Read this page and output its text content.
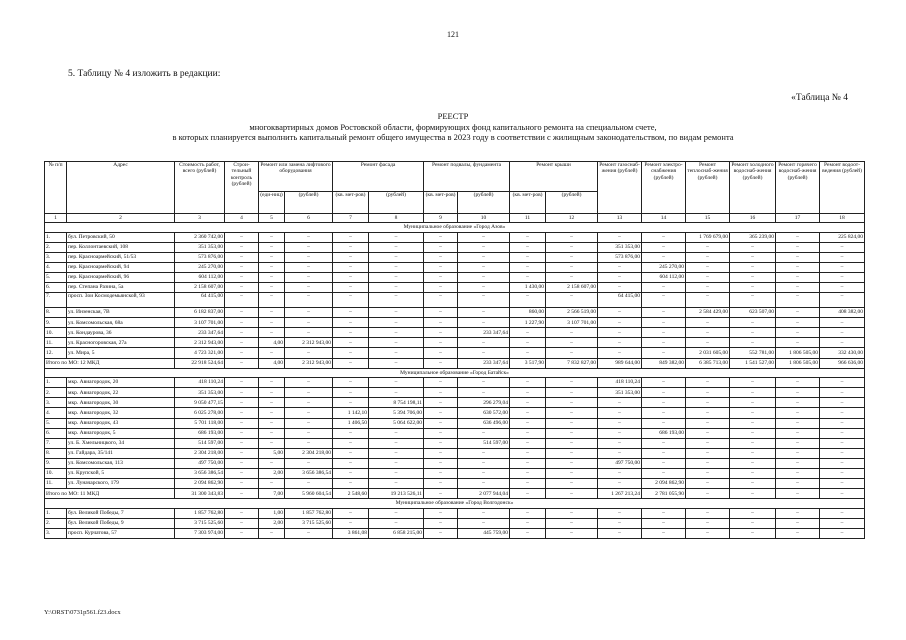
121
5. Таблицу № 4 изложить в редакции:
«Таблица № 4
РЕЕСТР
многоквартирных домов Ростовской области, формирующих фонд капитального ремонта на специальном счете,
в которых планируется выполнить капитальный ремонт общего имущества в 2023 году в соответствии с жилищным законодательством, по видам ремонта
№ п/п	Адрес	Стоимость работ, всего (рублей)	Строи-тельный контроль (рублей)	Ремонт или замена лифтового оборудования		Ремонт фасада		Ремонт подвалы, фундамента		Ремонт крыши		Ремонт газоснаб-жения (рублей)	Ремонт электро-снабжения (рублей)	Ремонт теплоснаб-жения (рублей)	Ремонт холодного водоснаб-жения (рублей)	Ремонт горячего водоснаб-жения (рублей)	Ремонт водоот-ведения (рублей)
				(еди-ниц)	(рублей)	(кв. мет-ров)	(рублей)	(кв. мет-ров)	(рублей)	(кв. мет-ров)	(рублей)						
1	2	3	4	5	6	7	8	9	10	11	12	13	14	15	16	17	18
Муниципальное образование «Город Азов»																	
1.	бул. Петровский, 50	2 360 742,00	–	–	–	–	–	–	–	–	–	–	–	1 769 679,00	365 239,00	–	225 824,00
2.	пер. Коллонтаевский, 108	351 353,00	–	–	–	–	–	–	–	–	–	351 353,00	–	–	–	–	–
3.	пер. Красноармейский, 51/53	573 876,00	–	–	–	–	–	–	–	–	–	573 876,00	–	–	–	–	–
4.	пер. Красноармейский, 94	245 270,00	–	–	–	–	–	–	–	–	–	–	245 270,00	–	–	–	–
5.	пер. Красноармейский, 96	604 112,00	–	–	–	–	–	–	–	–	–	–	604 112,00	–	–	–	–
6.	пер. Степана Разина, 5а	2 158 607,00	–	–	–	–	–	–	–	1 430,00	2 158 607,00	–	–	–	–	–	–
7.	просп. Зои Космодемьянской, 93	64 415,00	–	–	–	–	–	–	–	–	–	64 415,00	–	–	–	–	–
8.	ул. Инзенская, 7В	6 182 837,00	–	–	–	–	–	–	–	860,00	2 566 519,00	–	–	2 584 429,00	623 507,00	–	408 382,00
9.	ул. Комсомольская, 68а	3 107 701,00	–	–	–	–	–	–	–	1 227,90	3 107 701,00	–	–	–	–	–	–
10.	ул. Кондаурова, 36	233 347,64	–	–	–	–	–	–	233 347,64	–	–	–	–	–	–	–	–
11.	ул. Красногоровская, 27а	2 312 943,00	–	4,00	2 312 943,00	–	–	–	–	–	–	–	–	–	–	–	–
12.	ул. Мира, 5	4 723 321,00	–	–	–	–	–	–	–	–	–	–	–	2 031 605,00	552 781,00	1 806 505,00	332 430,00
Итого по МО: 12 МКД		22 918 524,64	–	4,00	2 312 943,00	–	–	–	233 347,64	3 517,90	7 832 827,00	989 644,00	849 382,00	6 385 713,00	1 541 527,00	1 806 505,00	966 636,00
Муниципальное образование «Город Батайск»																	
1.	мкр. Авиагородок, 20	418 110,24	–	–	–	–	–	–	–	–	–	418 110,24	–	–	–	–	–
2.	мкр. Авиагородок, 22	351 353,00	–	–	–	–	–	–	–	–	–	351 353,00	–	–	–	–	–
3.	мкр. Авиагородок, 30	9 050 477,15	–	–	–	–	8 754 198,11	–	296 279,04	–	–	–	–	–	–	–	–
4.	мкр. Авиагородок, 32	6 025 278,00	–	–	–	1 142,10	5 394 706,00	–	630 572,00	–	–	–	–	–	–	–	–
5.	мкр. Авиагородок, 43	5 701 118,00	–	–	–	1 406,50	5 064 622,00	–	636 496,00	–	–	–	–	–	–	–	–
6.	мкр. Авиагородок, 5	686 193,00	–	–	–	–	–	–	–	–	–	–	686 193,00	–	–	–	–
7.	ул. Б. Хмельницкого, 34	514 597,00	–	–	–	–	–	–	514 597,00	–	–	–	–	–	–	–	–
8.	ул. Гайдара, 35/141	2 304 218,00	–	5,00	2 304 218,00	–	–	–	–	–	–	–	–	–	–	–	–
9.	ул. Комсомольская, 113	497 750,00	–	–	–	–	–	–	–	–	–	497 750,00	–	–	–	–	–
10.	ул. Крупской, 5	3 656 386,54	–	2,00	3 656 386,54	–	–	–	–	–	–	–	–	–	–	–	–
11.	ул. Луначарского, 179	2 094 862,90	–	–	–	–	–	–	–	–	–	–	2 094 862,90	–	–	–	–
Итого по МО: 11 МКД		31 300 343,83	–	7,00	5 960 604,54	2 548,60	19 213 526,11	–	2 077 944,04	–	–	1 267 213,24	2 781 055,90	–	–	–	–
Муниципальное образование «Город Волгодонск»																	
1.	бул. Великой Победы, 7	1 857 762,80	–	1,00	1 857 762,80	–	–	–	–	–	–	–	–	–	–	–	–
2.	бул. Великой Победы, 9	3 715 525,60	–	2,00	3 715 525,60	–	–	–	–	–	–	–	–	–	–	–	–
3.	просп. Курчатова, 57	7 303 974,00	–	–	–	3 861,08	6 858 215,00	–	445 759,00	–	–	–	–	–	–	–	–
Y:\ORST\0731p561.f23.docx
